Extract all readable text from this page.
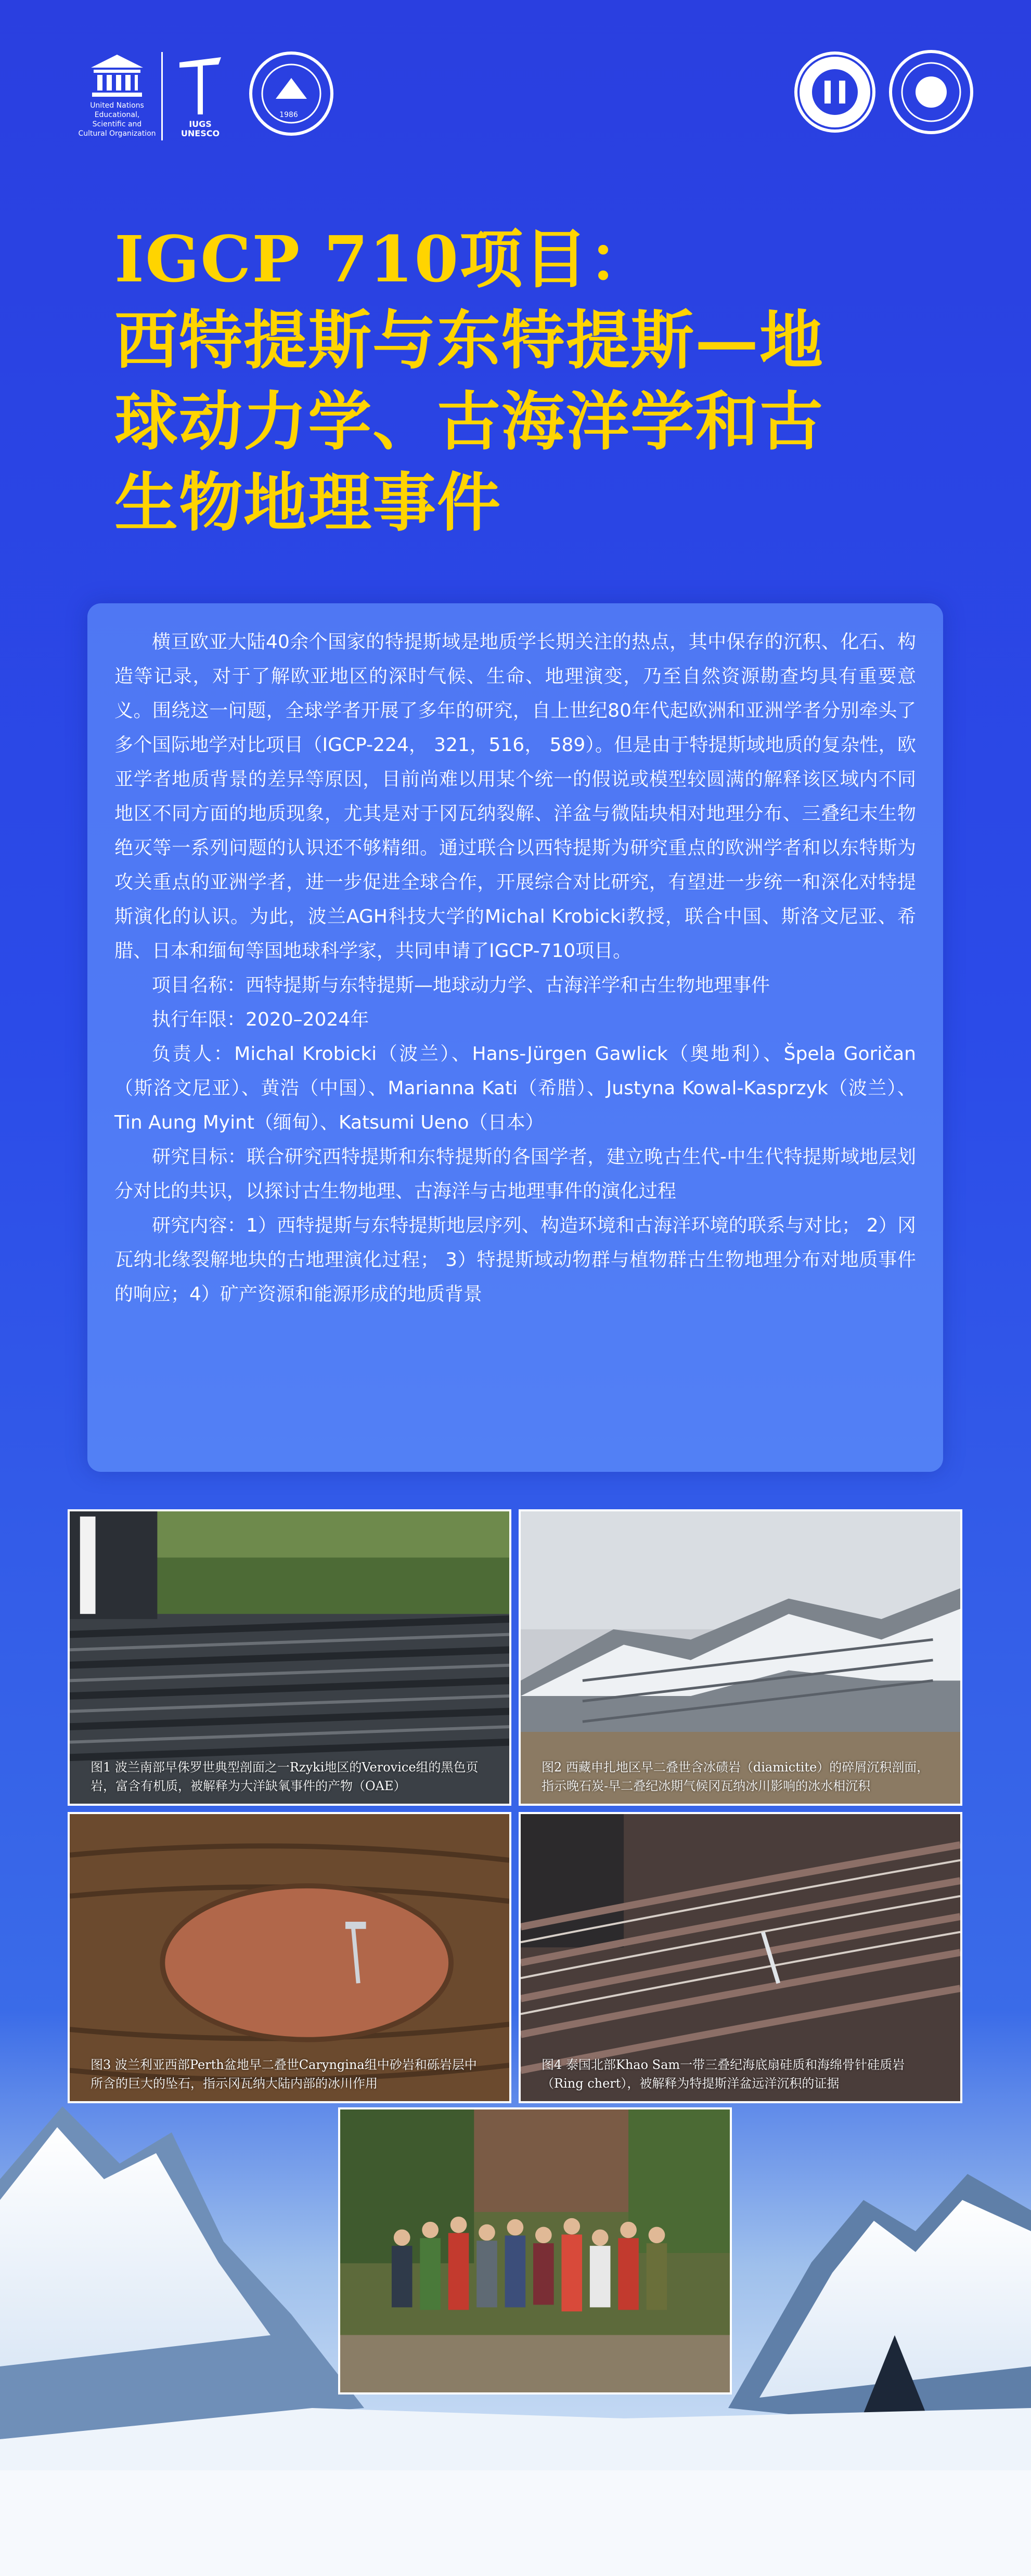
United Nations
Educational, Scientific and
Cultural Organization
IUGS
UNESCO
1986
IGCP 710项目：
西特提斯与东特提斯—地
球动力学、古海洋学和古
生物地理事件

横亘欧亚大陆40余个国家的特提斯域是地质学长期关注的热点，其中保存的沉积、化石、构造等记录，对于了解欧亚地区的深时气候、生命、地理演变，乃至自然资源勘查均具有重要意义。围绕这一问题，全球学者开展了多年的研究，自上世纪80年代起欧洲和亚洲学者分别牵头了多个国际地学对比项目（IGCP-224， 321，516， 589）。但是由于特提斯域地质的复杂性，欧亚学者地质背景的差异等原因，目前尚难以用某个统一的假说或模型较圆满的解释该区域内不同地区不同方面的地质现象，尤其是对于冈瓦纳裂解、洋盆与微陆块相对地理分布、三叠纪末生物绝灭等一系列问题的认识还不够精细。通过联合以西特提斯为研究重点的欧洲学者和以东特斯为攻关重点的亚洲学者，进一步促进全球合作，开展综合对比研究，有望进一步统一和深化对特提斯演化的认识。为此，波兰AGH科技大学的Michal Krobicki教授，联合中国、斯洛文尼亚、希腊、日本和缅甸等国地球科学家，共同申请了IGCP-710项目。

项目名称：西特提斯与东特提斯—地球动力学、古海洋学和古生物地理事件

执行年限：2020–2024年

负责人：Michal Krobicki（波兰）、Hans-Jürgen Gawlick（奥地利）、Špela Goričan（斯洛文尼亚）、黄浩（中国）、Marianna Kati（希腊）、Justyna Kowal-Kasprzyk（波兰）、Tin Aung Myint（缅甸）、Katsumi Ueno（日本）

研究目标：联合研究西特提斯和东特提斯的各国学者，建立晚古生代-中生代特提斯域地层划分对比的共识，以探讨古生物地理、古海洋与古地理事件的演化过程

研究内容：1）西特提斯与东特提斯地层序列、构造环境和古海洋环境的联系与对比； 2）冈瓦纳北缘裂解地块的古地理演化过程； 3）特提斯域动物群与植物群古生物地理分布对地质事件的响应；4）矿产资源和能源形成的地质背景

图1 波兰南部早侏罗世典型剖面之一Rzyki地区的Verovice组的黑色页岩，富含有机质，被解释为大洋缺氧事件的产物（OAE）
图2 西藏申扎地区早二叠世含冰碛岩（diamictite）的碎屑沉积剖面，指示晚石炭-早二叠纪冰期气候冈瓦纳冰川影响的冰水相沉积
图3 波兰利亚西部Perth盆地早二叠世Caryngina组中砂岩和砾岩层中所含的巨大的坠石，指示冈瓦纳大陆内部的冰川作用
图4 泰国北部Khao Sam一带三叠纪海底扇硅质和海绵骨针硅质岩（Ring chert），被解释为特提斯洋盆远洋沉积的证据
